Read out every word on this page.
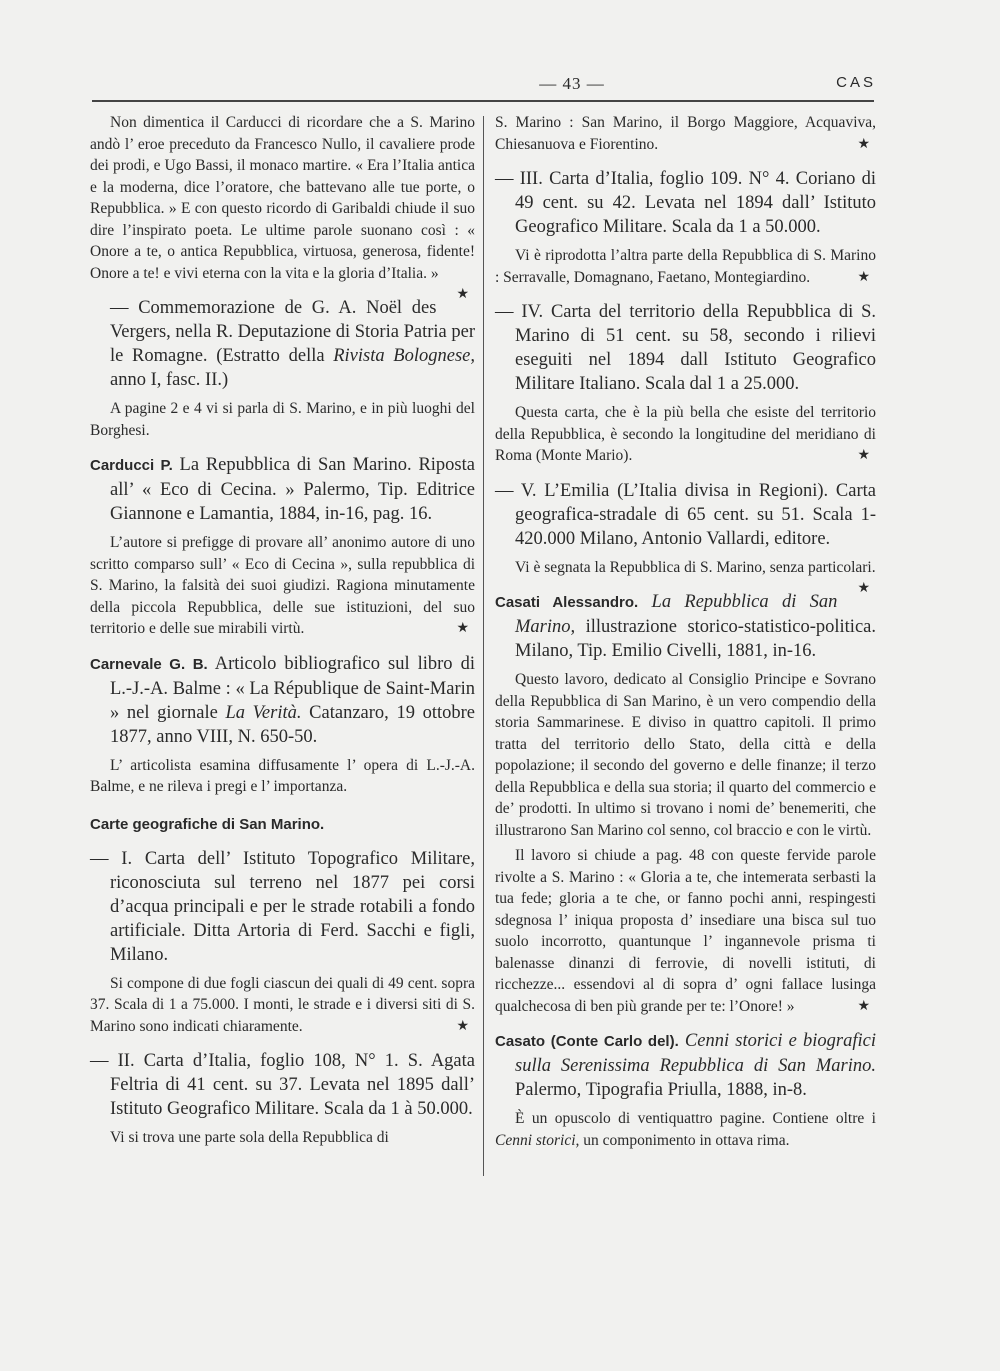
— 43 —	CAS

Non dimentica il Carducci di ricordare che a S. Marino andò l’ eroe preceduto da Francesco Nullo, il cavaliere prode dei prodi, e Ugo Bassi, il monaco martire. « Era l’Italia antica e la moderna, dice l’oratore, che battevano alle tue porte, o Repubblica. » E con questo ricordo di Garibaldi chiude il suo dire l’inspirato poeta. Le ultime parole suonano così : « Onore a te, o antica Repubblica, virtuosa, generosa, fidente! Onore a te! e vivi eterna con la vita e la gloria d’Italia. »
★

— Commemorazione de G. A. Noël des Vergers, nella R. Deputazione di Storia Patria per le Romagne. (Estratto della Rivista Bolognese, anno I, fasc. II.)

A pagine 2 e 4 vi si parla di S. Marino, e in più luoghi del Borghesi.

Carducci P. La Repubblica di San Marino. Riposta all’ « Eco di Cecina. » Palermo, Tip. Editrice Giannone e Lamantia, 1884, in-16, pag. 16.

L’autore si prefigge di provare all’ anonimo autore di uno scritto comparso sull’ « Eco di Cecina », sulla repubblica di S. Marino, la falsità dei suoi giudizi. Ragiona minutamente della piccola Repubblica, delle sue istituzioni, del suo territorio e delle sue mirabili virtù.	★

Carnevale G. B. Articolo bibliografico sul libro di L.-J.-A. Balme : « La République de Saint-Marin » nel giornale La Verità. Catanzaro, 19 ottobre 1877, anno VIII, N. 650-50.

L’ articolista esamina diffusamente l’ opera di L.-J.-A. Balme, e ne rileva i pregi e l’ importanza.

Carte geografiche di San Marino.

— I. Carta dell’ Istituto Topografico Militare, riconosciuta sul terreno nel 1877 pei corsi d’acqua principali e per le strade rotabili a fondo artificiale. Ditta Artoria di Ferd. Sacchi e figli, Milano.

Si compone di due fogli ciascun dei quali di 49 cent. sopra 37. Scala di 1 a 75.000. I monti, le strade e i diversi siti di S. Marino sono indicati chiaramente.	★

— II. Carta d’Italia, foglio 108, N° 1. S. Agata Feltria di 41 cent. su 37. Levata nel 1895 dall’ Istituto Geografico Militare. Scala da 1 à 50.000.

Vi si trova une parte sola della Repubblica di

S. Marino : San Marino, il Borgo Maggiore, Acquaviva, Chiesanuova e Fiorentino.	★

— III. Carta d’Italia, foglio 109. N° 4. Coriano di 49 cent. su 42. Levata nel 1894 dall’ Istituto Geografico Militare. Scala da 1 a 50.000.

Vi è riprodotta l’altra parte della Repubblica di S. Marino : Serravalle, Domagnano, Faetano, Montegiardino.	★

— IV. Carta del territorio della Repubblica di S. Marino di 51 cent. su 58, secondo i rilievi eseguiti nel 1894 dall Istituto Geografico Militare Italiano. Scala dal 1 a 25.000.

Questa carta, che è la più bella che esiste del territorio della Repubblica, è secondo la longitudine del meridiano di Roma (Monte Mario).	★

— V. L’Emilia (L’Italia divisa in Regioni). Carta geografica-stradale di 65 cent. su 51. Scala 1-420.000 Milano, Antonio Vallardi, editore.

Vi è segnata la Repubblica di S. Marino, senza particolari.
★

Casati Alessandro. La Repubblica di San Marino, illustrazione storico-statistico-politica. Milano, Tip. Emilio Civelli, 1881, in-16.

Questo lavoro, dedicato al Consiglio Principe e Sovrano della Repubblica di San Marino, è un vero compendio della storia Sammarinese. E diviso in quattro capitoli. Il primo tratta del territorio dello Stato, della città e della popolazione; il secondo del governo e delle finanze; il terzo della Repubblica e della sua storia; il quarto del commercio e de’ prodotti. In ultimo si trovano i nomi de’ benemeriti, che illustrarono San Marino col senno, col braccio e con le virtù.

Il lavoro si chiude a pag. 48 con queste fervide parole rivolte a S. Marino : « Gloria a te, che intemerata serbasti la tua fede; gloria a te che, or fanno pochi anni, respingesti sdegnosa l’ iniqua proposta d’ insediare una bisca sul tuo suolo incorrotto, quantunque l’ ingannevole prisma ti balenasse dinanzi di ferrovie, di novelli istituti, di ricchezze... essendovi al di sopra d’ ogni fallace lusinga qualchecosa di ben più grande per te: l’Onore! »	★

Casato (Conte Carlo del). Cenni storici e biografici sulla Serenissima Repubblica di San Marino. Palermo, Tipografia Priulla, 1888, in-8.

È un opuscolo di ventiquattro pagine. Contiene oltre i Cenni storici, un componimento in ottava rima.
